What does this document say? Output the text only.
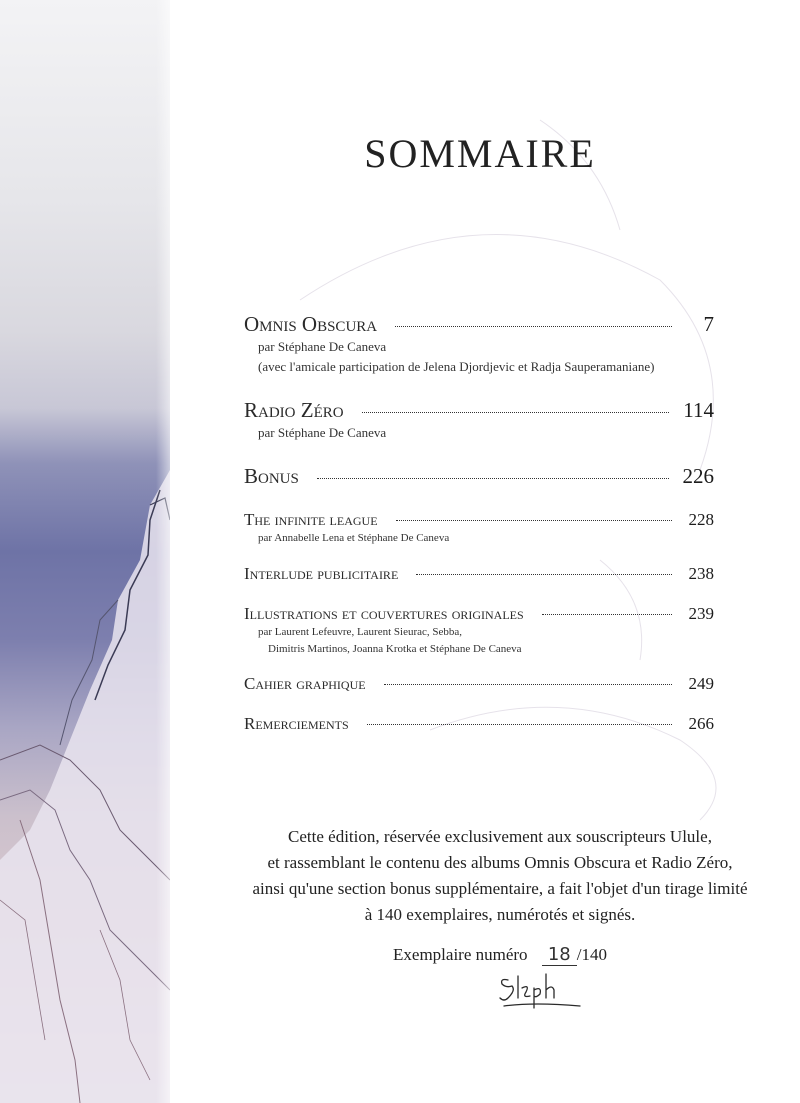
SOMMAIRE
Omnis Obscura	7
par Stéphane De Caneva
(avec l'amicale participation de Jelena Djordjevic et Radja Sauperamaniane)
Radio Zéro	114
par Stéphane De Caneva
Bonus	226
The infinite league	228
par Annabelle Lena et Stéphane De Caneva
Interlude publicitaire	238
Illustrations et couvertures originales	239
par Laurent Lefeuvre, Laurent Sieurac, Sebba,
Dimitris Martinos, Joanna Krotka et Stéphane De Caneva
Cahier graphique	249
Remerciements	266
Cette édition, réservée exclusivement aux souscripteurs Ulule,
et rassemblant le contenu des albums Omnis Obscura et Radio Zéro,
ainsi qu'une section bonus supplémentaire, a fait l'objet d'un tirage limité
à 140 exemplaires, numérotés et signés.
Exemplaire numéro 18 /140
